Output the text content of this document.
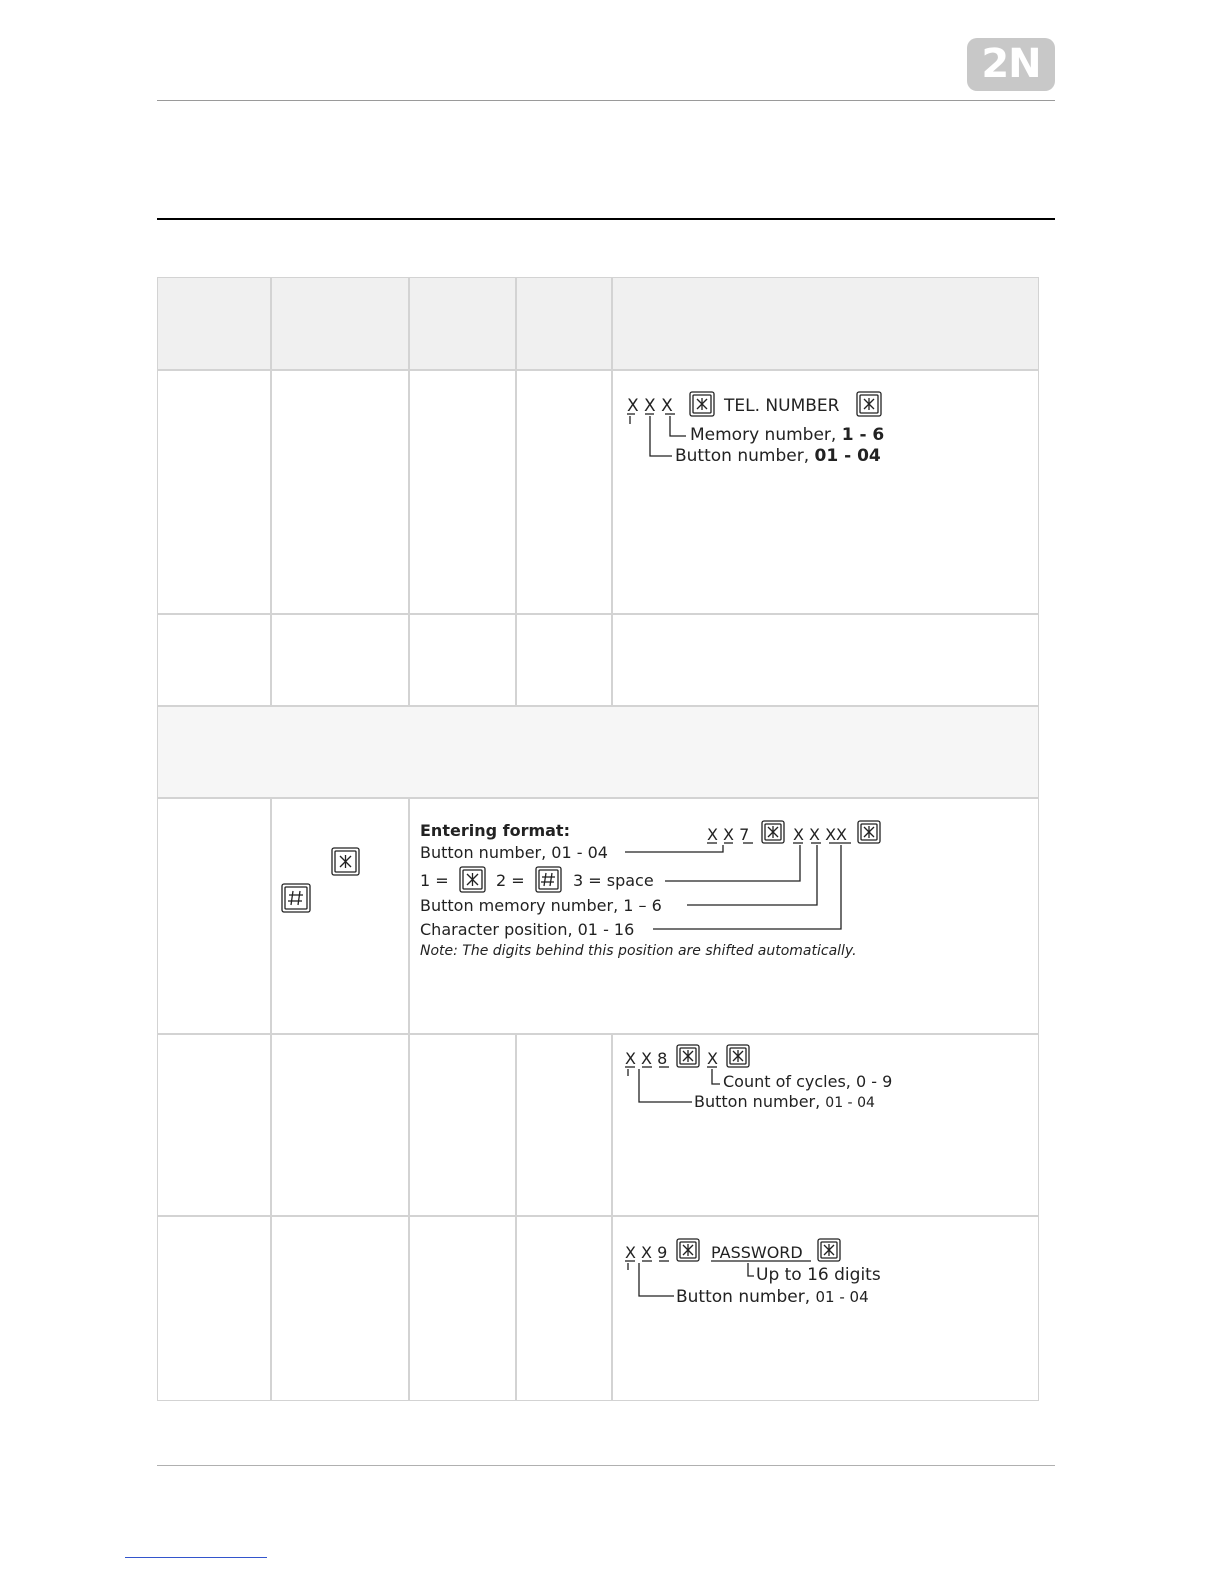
2N
X X X	TEL. NUMBER
Memory number, 1 - 6
Button number, 01 - 04
Entering format:	X X 7	X X XX
Button number, 01 - 04
1 =	2 =	3 = space
Button memory number, 1 – 6
Character position, 01 - 16
Note: The digits behind this position are shifted automatically.
X X 8 X
Count of cycles, 0 - 9
Button number, 01 - 04
X X 9	PASSWORD
Up to 16 digits
Button number, 01 - 04
